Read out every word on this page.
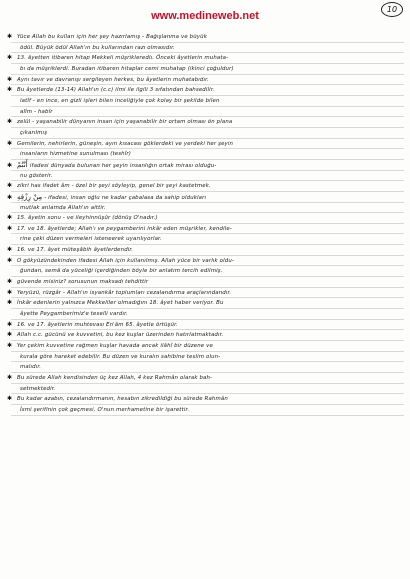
www.medineweb.net
10
✱ Yüce Allah bu kulları için her şey hazırlamış - Bağışlanma ve büyük
ödül. Büyük ödül Allah'ın bu kullarından razı olmasıdır.
✱ 13. âyetten itibaren hitap Mekkeli müşriklerediı. Önceki âyetlerin muhata-
bı da müşriklerdi. Buradan itibaren hitaplar cemi muhatap (ikinci çoğuldur)
✱ Aynı tavır ve davranışı sergileyen herkes, bu âyetlerin muhatabıdır.
✱ Bu âyetlerde (13-14) Allah'ın (c.c) ilmi ile ilgili 3 sıfatından bahsedilir.
latîf - en ince, en gizli işleri bilen inceliğiyle çok kolay bir şekilde bilen
alîm - habîr
✱ zelûl - yaşanabilir dünyanın insan için yaşanabilir bir ortam olması ön plana
çıkarılmış
✱ Gemilerin, nehirlerin, güneşin, ayın kısacası göklerdeki ve yerdeki her şeyin
insanların hizmetine sunulması (teshîr)
✱ أَنْتُمْ ifadesi dünyada bulunan her şeyin insanlığın ortak mirası olduğu-
nu gösterir.
✱ zikri has ifadet âm - özel bir şeyi söyleyip, genel bir şeyi kastetmek.
✱ مِنْ رِزْقِهِ - ifadesi, insan oğlu ne kadar çabalasa da sahip oldukları
mutlak anlamda Allah'ın aittir.
✱ 15. âyetin sonu - ve ileyhinnüşûr (dönüş O'nadır.)
✱ 17. ve 18. âyetlerde; Allah'ı ve peygamberini inkâr eden müşrikler, kendile-
rine çeki düzen vermeleri isteneerek uyarılıyorlar.
✱ 16. ve 17. âyet müteşâbih âyetlerdendir.
✱ O gökyüzündekinden ifadesi Allah için kullanılmış. Allah yüce bir varlık oldu-
ğundan, semâ da yüceliği içerdiğinden böyle bir anlatım tercih edilmiş.
✱ güvende misiniz? sorusunun maksadı tehdittir
✱ Yeryüzü, rüzgâr - Allah'ın isyankâr toplumları cezalandırma araçlarındandır.
✱ İnkâr edenlerin yalnızca Mekkeliler olmadığını 18. âyet haber veriyor. Bu
âyette Peygamberimiz'e teselli vardır.
✱ 16. ve 17. âyetlerin muhtevası En'âm 65. âyetle örtüşür.
✱ Allah c.c. gücünü ve kuvvetini, bu kez kuşlar üzerinden hatırlatmaktadır.
✱ Yer çekim kuvvetine rağmen kuşlar havada ancak ilâhî bir düzene ve
kurala göre hareket edebilir. Bu düzen ve kuralın sahibine teslim olun-
malıdır.
✱ Bu sürede Allah kendisinden üç kez Allah, 4 kez Rahmân olarak bah-
setmektedir.
✱ Bu kadar azabın, cezalandırmanın, hesabın zikredildiği bu sürede Rahmân
İsmi şerifinin çok geçmesi, O'nun merhametine bir işarettir.
